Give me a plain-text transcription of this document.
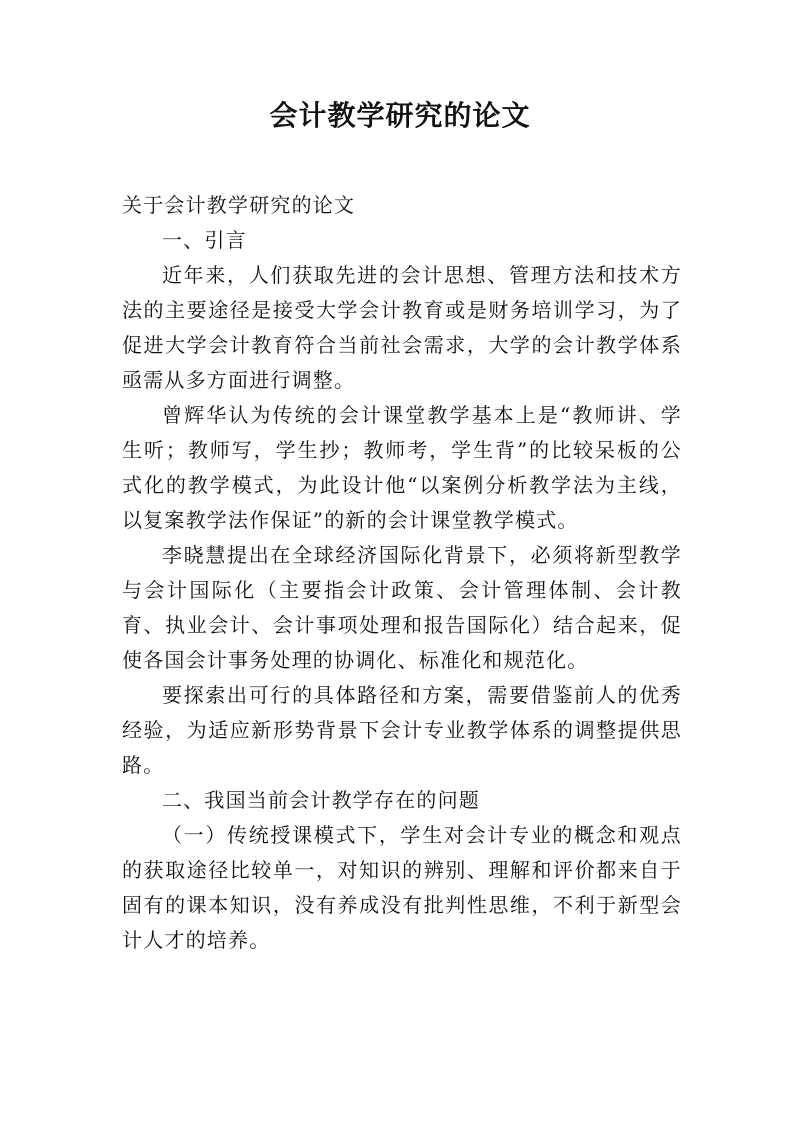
会计教学研究的论文

关于会计教学研究的论文

一、引言

近年来，人们获取先进的会计思想、管理方法和技术方法的主要途径是接受大学会计教育或是财务培训学习，为了促进大学会计教育符合当前社会需求，大学的会计教学体系亟需从多方面进行调整。

曾辉华认为传统的会计课堂教学基本上是“教师讲、学生听；教师写，学生抄；教师考，学生背”的比较呆板的公式化的教学模式，为此设计他“以案例分析教学法为主线，以复案教学法作保证”的新的会计课堂教学模式。

李晓慧提出在全球经济国际化背景下，必须将新型教学与会计国际化（主要指会计政策、会计管理体制、会计教育、执业会计、会计事项处理和报告国际化）结合起来，促使各国会计事务处理的协调化、标准化和规范化。

要探索出可行的具体路径和方案，需要借鉴前人的优秀经验，为适应新形势背景下会计专业教学体系的调整提供思路。

二、我国当前会计教学存在的问题

（一）传统授课模式下，学生对会计专业的概念和观点的获取途径比较单一，对知识的辨别、理解和评价都来自于固有的课本知识，没有养成没有批判性思维，不利于新型会计人才的培养。
